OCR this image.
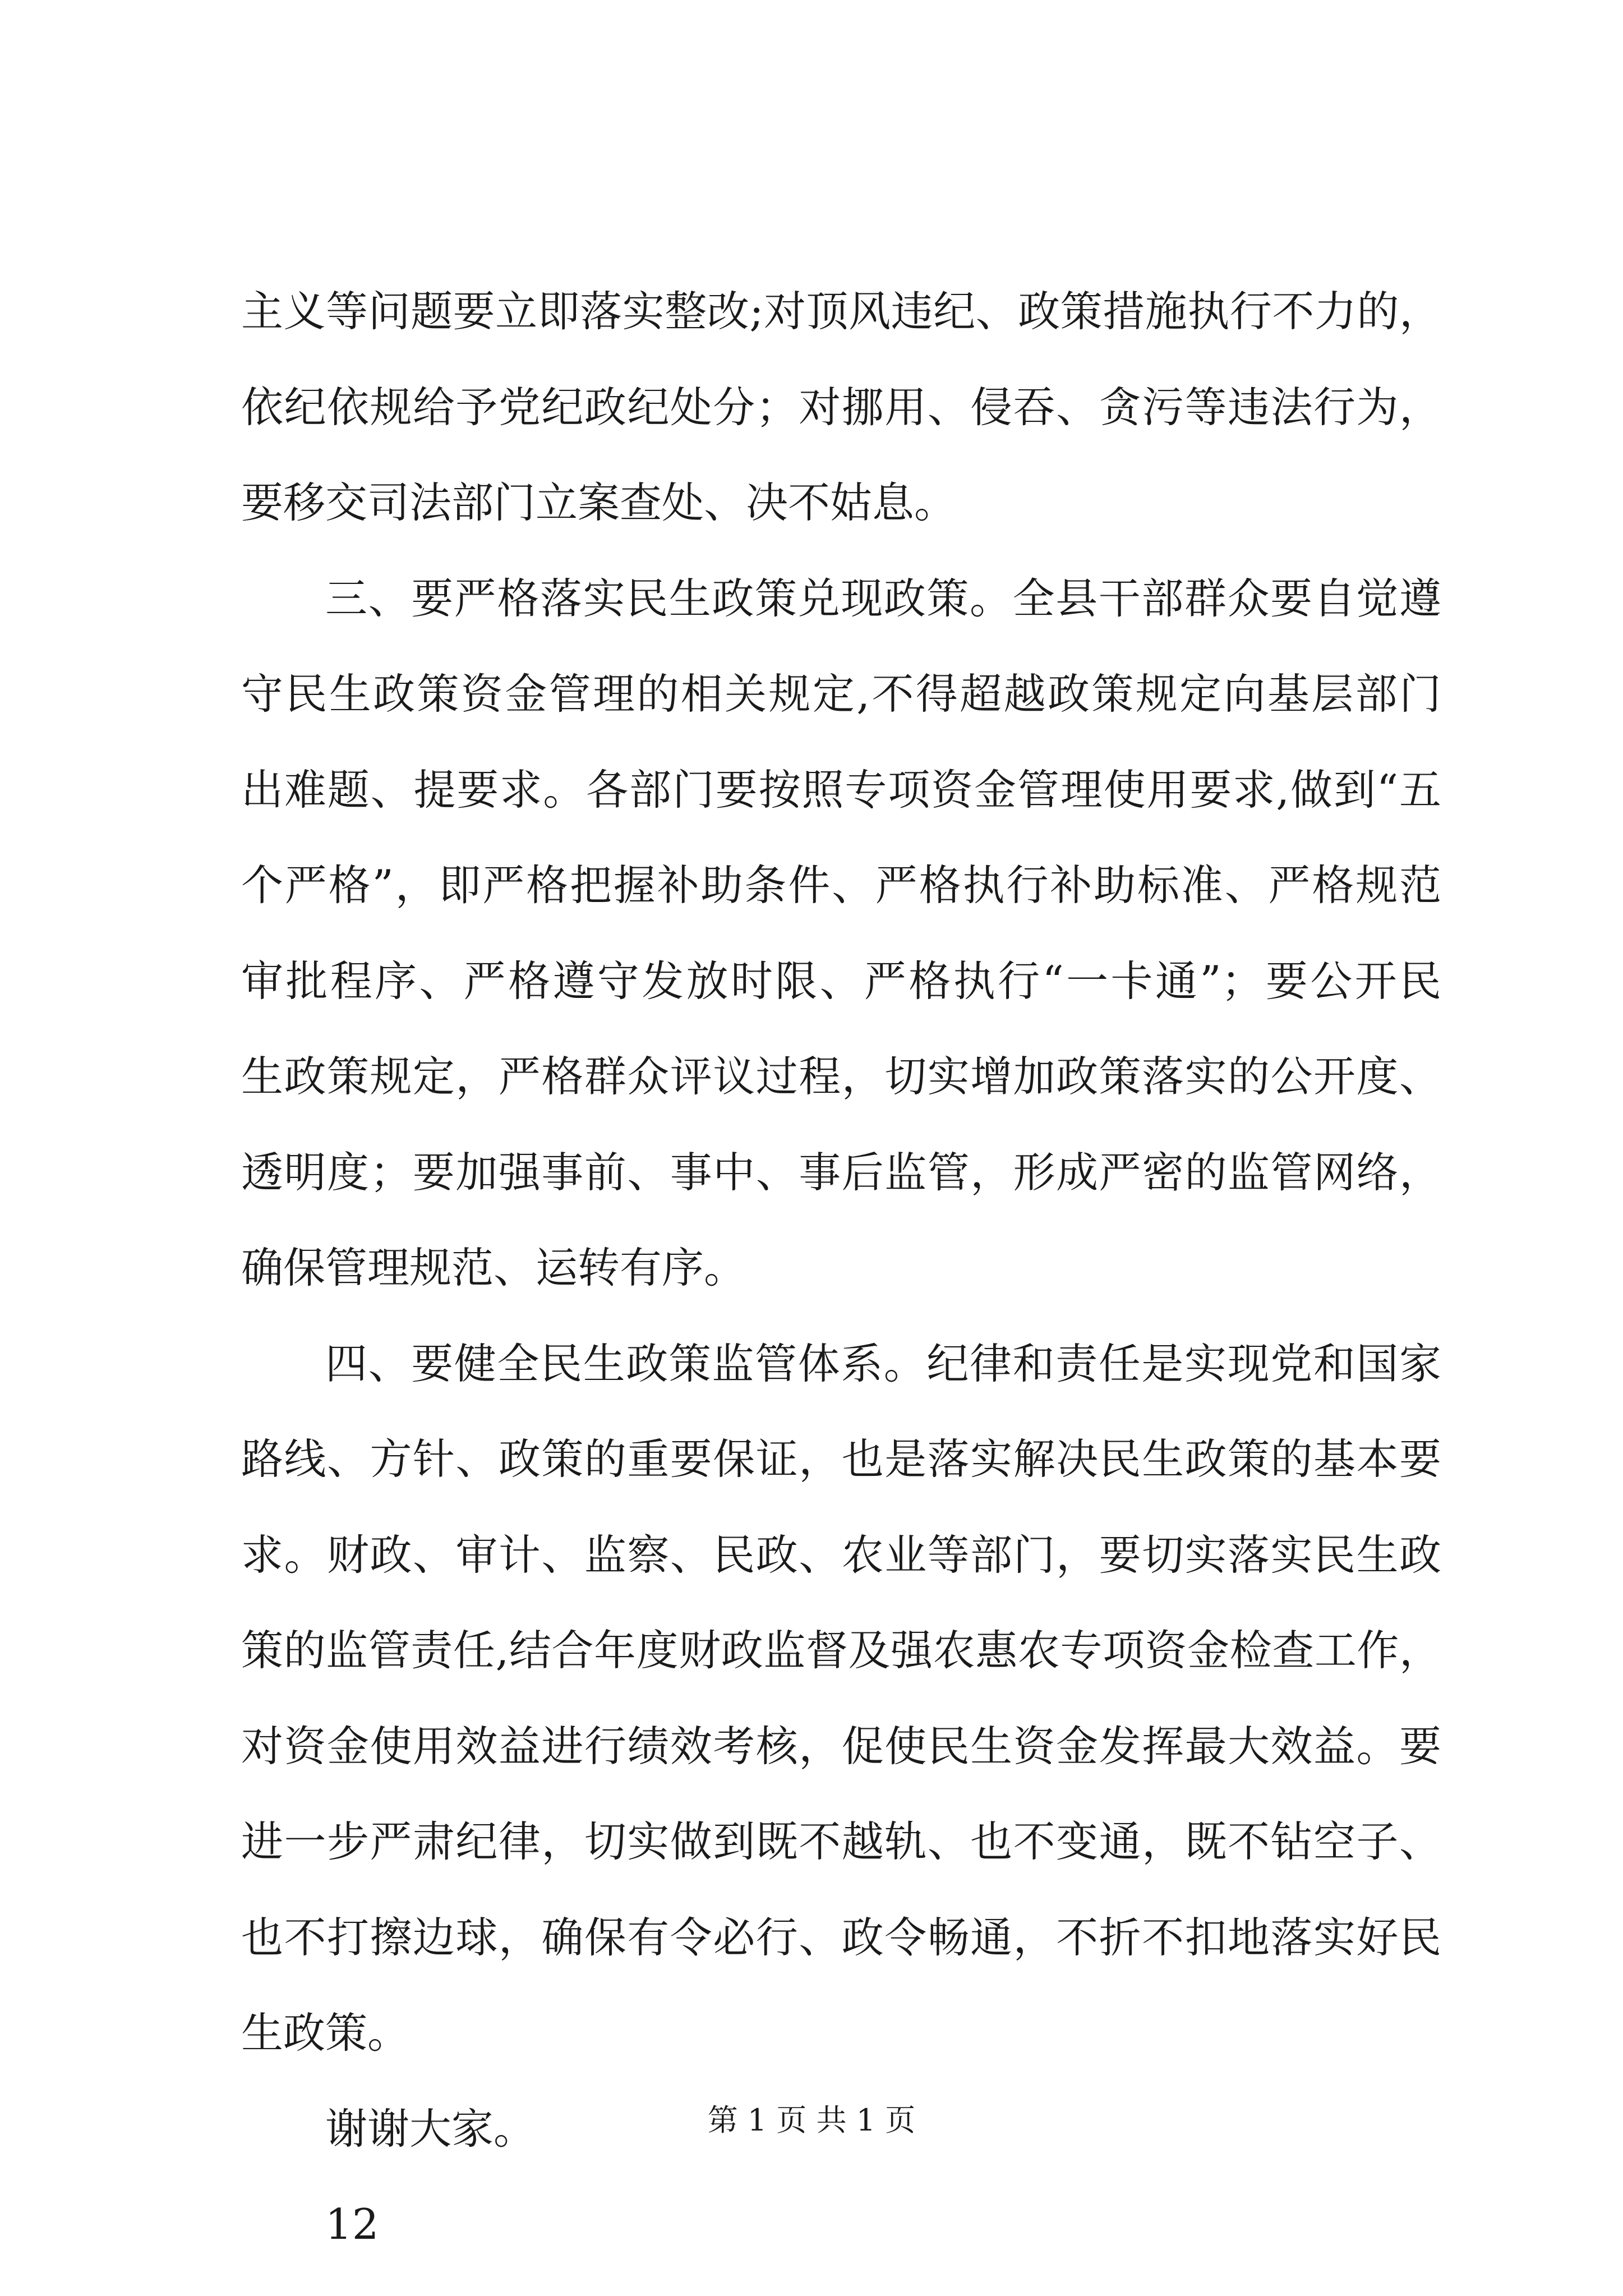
主义等问题要立即落实整改;对顶风违纪、政策措施执行不力的，
依纪依规给予党纪政纪处分；对挪用、侵吞、贪污等违法行为，
要移交司法部门立案查处、决不姑息。
三、要严格落实民生政策兑现政策。全县干部群众要自觉遵
守民生政策资金管理的相关规定,不得超越政策规定向基层部门
出难题、提要求。各部门要按照专项资金管理使用要求,做到“五
个严格”，即严格把握补助条件、严格执行补助标准、严格规范
审批程序、严格遵守发放时限、严格执行“一卡通”；要公开民
生政策规定，严格群众评议过程，切实增加政策落实的公开度、
透明度；要加强事前、事中、事后监管，形成严密的监管网络，
确保管理规范、运转有序。
四、要健全民生政策监管体系。纪律和责任是实现党和国家
路线、方针、政策的重要保证，也是落实解决民生政策的基本要
求。财政、审计、监察、民政、农业等部门，要切实落实民生政
策的监管责任,结合年度财政监督及强农惠农专项资金检查工作，
对资金使用效益进行绩效考核，促使民生资金发挥最大效益。要
进一步严肃纪律，切实做到既不越轨、也不变通，既不钻空子、
也不打擦边球，确保有令必行、政令畅通，不折不扣地落实好民
生政策。
谢谢大家。
12
第 1 页 共 1 页
